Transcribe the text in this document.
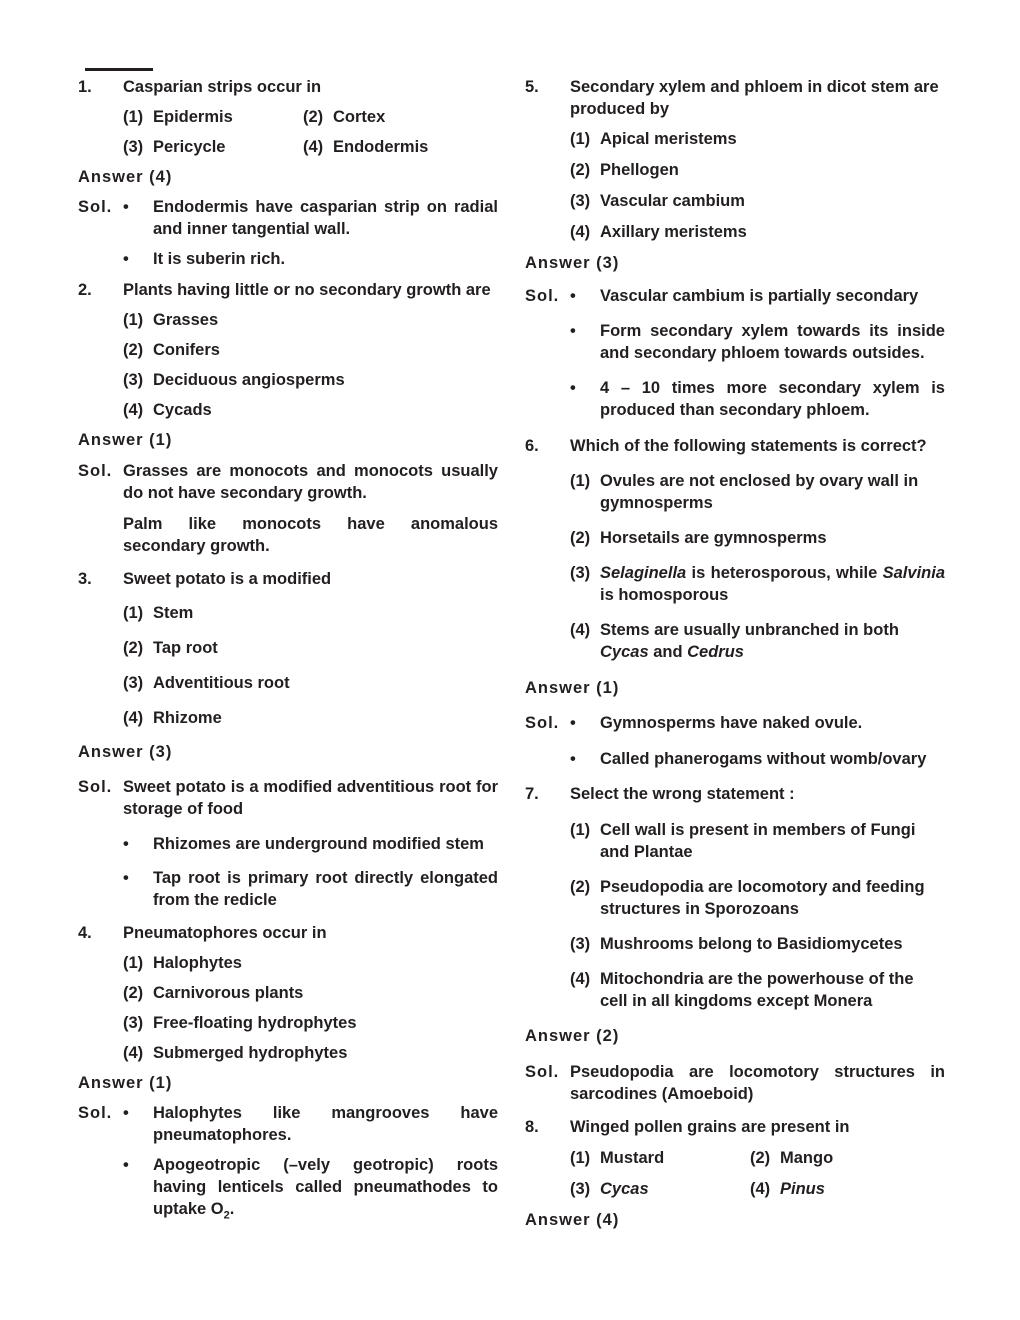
1. Casparian strips occur in
(1) Epidermis	(2) Cortex
(3) Pericycle	(4) Endodermis
Answer (4)
Sol. • Endodermis have casparian strip on radial and inner tangential wall.
• It is suberin rich.
2. Plants having little or no secondary growth are
(1) Grasses
(2) Conifers
(3) Deciduous angiosperms
(4) Cycads
Answer (1)
Sol. Grasses are monocots and monocots usually do not have secondary growth.
Palm like monocots have anomalous secondary growth.
3. Sweet potato is a modified
(1) Stem
(2) Tap root
(3) Adventitious root
(4) Rhizome
Answer (3)
Sol. Sweet potato is a modified adventitious root for storage of food
• Rhizomes are underground modified stem
• Tap root is primary root directly elongated from the redicle
4. Pneumatophores occur in
(1) Halophytes
(2) Carnivorous plants
(3) Free-floating hydrophytes
(4) Submerged hydrophytes
Answer (1)
Sol. • Halophytes like mangrooves have pneumatophores.
• Apogeotropic (–vely geotropic) roots having lenticels called pneumathodes to uptake $O_2$.
5. Secondary xylem and phloem in dicot stem are produced by
(1) Apical meristems
(2) Phellogen
(3) Vascular cambium
(4) Axillary meristems
Answer (3)
Sol. • Vascular cambium is partially secondary
• Form secondary xylem towards its inside and secondary phloem towards outsides.
• 4 – 10 times more secondary xylem is produced than secondary phloem.
6. Which of the following statements is correct?
(1) Ovules are not enclosed by ovary wall in gymnosperms
(2) Horsetails are gymnosperms
(3) Selaginella is heterosporous, while Salvinia is homosporous
(4) Stems are usually unbranched in both Cycas and Cedrus
Answer (1)
Sol. • Gymnosperms have naked ovule.
• Called phanerogams without womb/ovary
7. Select the wrong statement :
(1) Cell wall is present in members of Fungi and Plantae
(2) Pseudopodia are locomotory and feeding structures in Sporozoans
(3) Mushrooms belong to Basidiomycetes
(4) Mitochondria are the powerhouse of the cell in all kingdoms except Monera
Answer (2)
Sol. Pseudopodia are locomotory structures in sarcodines (Amoeboid)
8. Winged pollen grains are present in
(1) Mustard	(2) Mango
(3) Cycas	(4) Pinus
Answer (4)
